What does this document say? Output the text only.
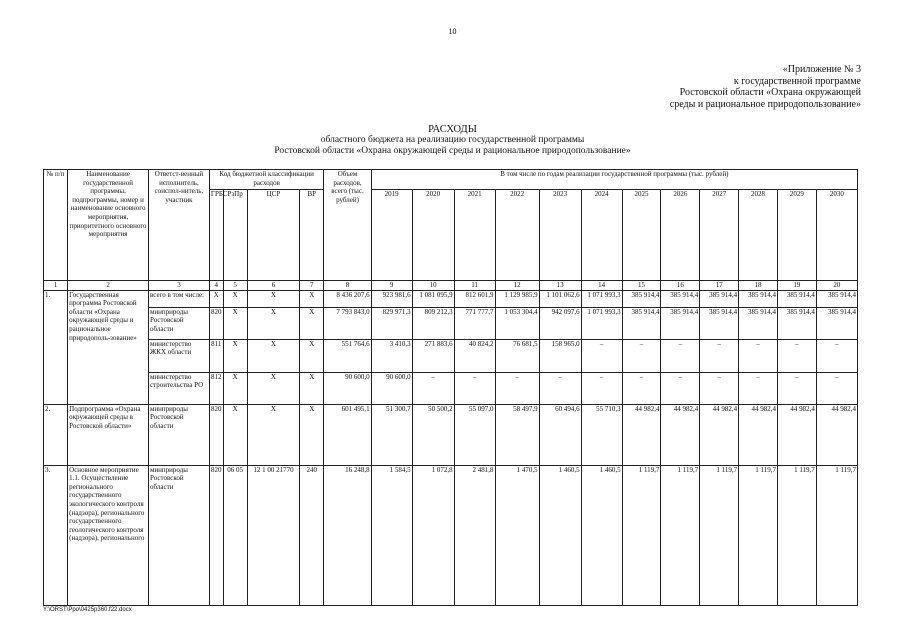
10
«Приложение № 3
к государственной программе
Ростовской области «Охрана окружающей
среды и рациональное природопользование»
РАСХОДЫ
областного бюджета на реализацию государственной программы
Ростовской области «Охрана окружающей среды и рациональное природопользование»
№ п/п	Наименование государственной программы, подпрограммы, номер и наименование основного мероприятия, приоритетного основного мероприятия	Ответст-венный исполнитель, соиспол-нитель, участник	Код бюджетной классификации расходов				Объем расходов, всего (тыс. рублей)	В том числе по годам реализации государственной программы (тыс. рублей)											
			ГРБС	РзПр	ЦСР	ВР		2019	2020	2021	2022	2023	2024	2025	2026	2027	2028	2029	2030
1	2	3	4	5	6	7	8	9	10	11	12	13	14	15	16	17	18	19	20
1.	Государственная программа Ростовской области «Охрана окружающей среды и рациональное природополь-зование»	всего в том числе:	Х	Х	Х	Х	8 436 207,6	923 981,6	1 081 095,9	812 601,9	1 129 985,9	1 101 062,6	1 071 993,3	385 914,4	385 914,4	385 914,4	385 914,4	385 914,4	385 914,4
		минприроды Ростовской области	820	Х	Х	Х	7 793 843,0	829 971,3	809 212,3	771 777,7	1 053 304,4	942 097,6	1 071 993,3	385 914,4	385 914,4	385 914,4	385 914,4	385 914,4	385 914,4
		министерство ЖКХ области	811	Х	Х	Х	551 764,6	3 410,3	271 883,6	40 824,2	76 681,5	158 965,0	–	–	–	–	–	–	–
		министерство строительства РО	812	Х	Х	Х	90 600,0	90 600,0	–	–	–	–	–	–	–	–	–	–	–
2.	Подпрограмма «Охрана окружающей среды в Ростовской области»	минприроды Ростовской области	820	Х	Х	Х	601 495,1	51 300,7	50 500,2	55 097,0	58 497,9	60 494,6	55 710,3	44 982,4	44 982,4	44 982,4	44 982,4	44 982,4	44 982,4
3.	Основное мероприятие 1.1. Осуществление регионального государственного экологического контроля (надзора), регионального государственного геологического контроля (надзора), регионального	минприроды Ростовской области	820	06 05	12 1 00 21770	240	16 248,8	1 584,5	1 072,8	2 481,8	1 470,5	1 460,5	1 460,5	1 119,7	1 119,7	1 119,7	1 119,7	1 119,7	1 119,7
Y:\ORST\Ppo\0425p360.f22.docx
